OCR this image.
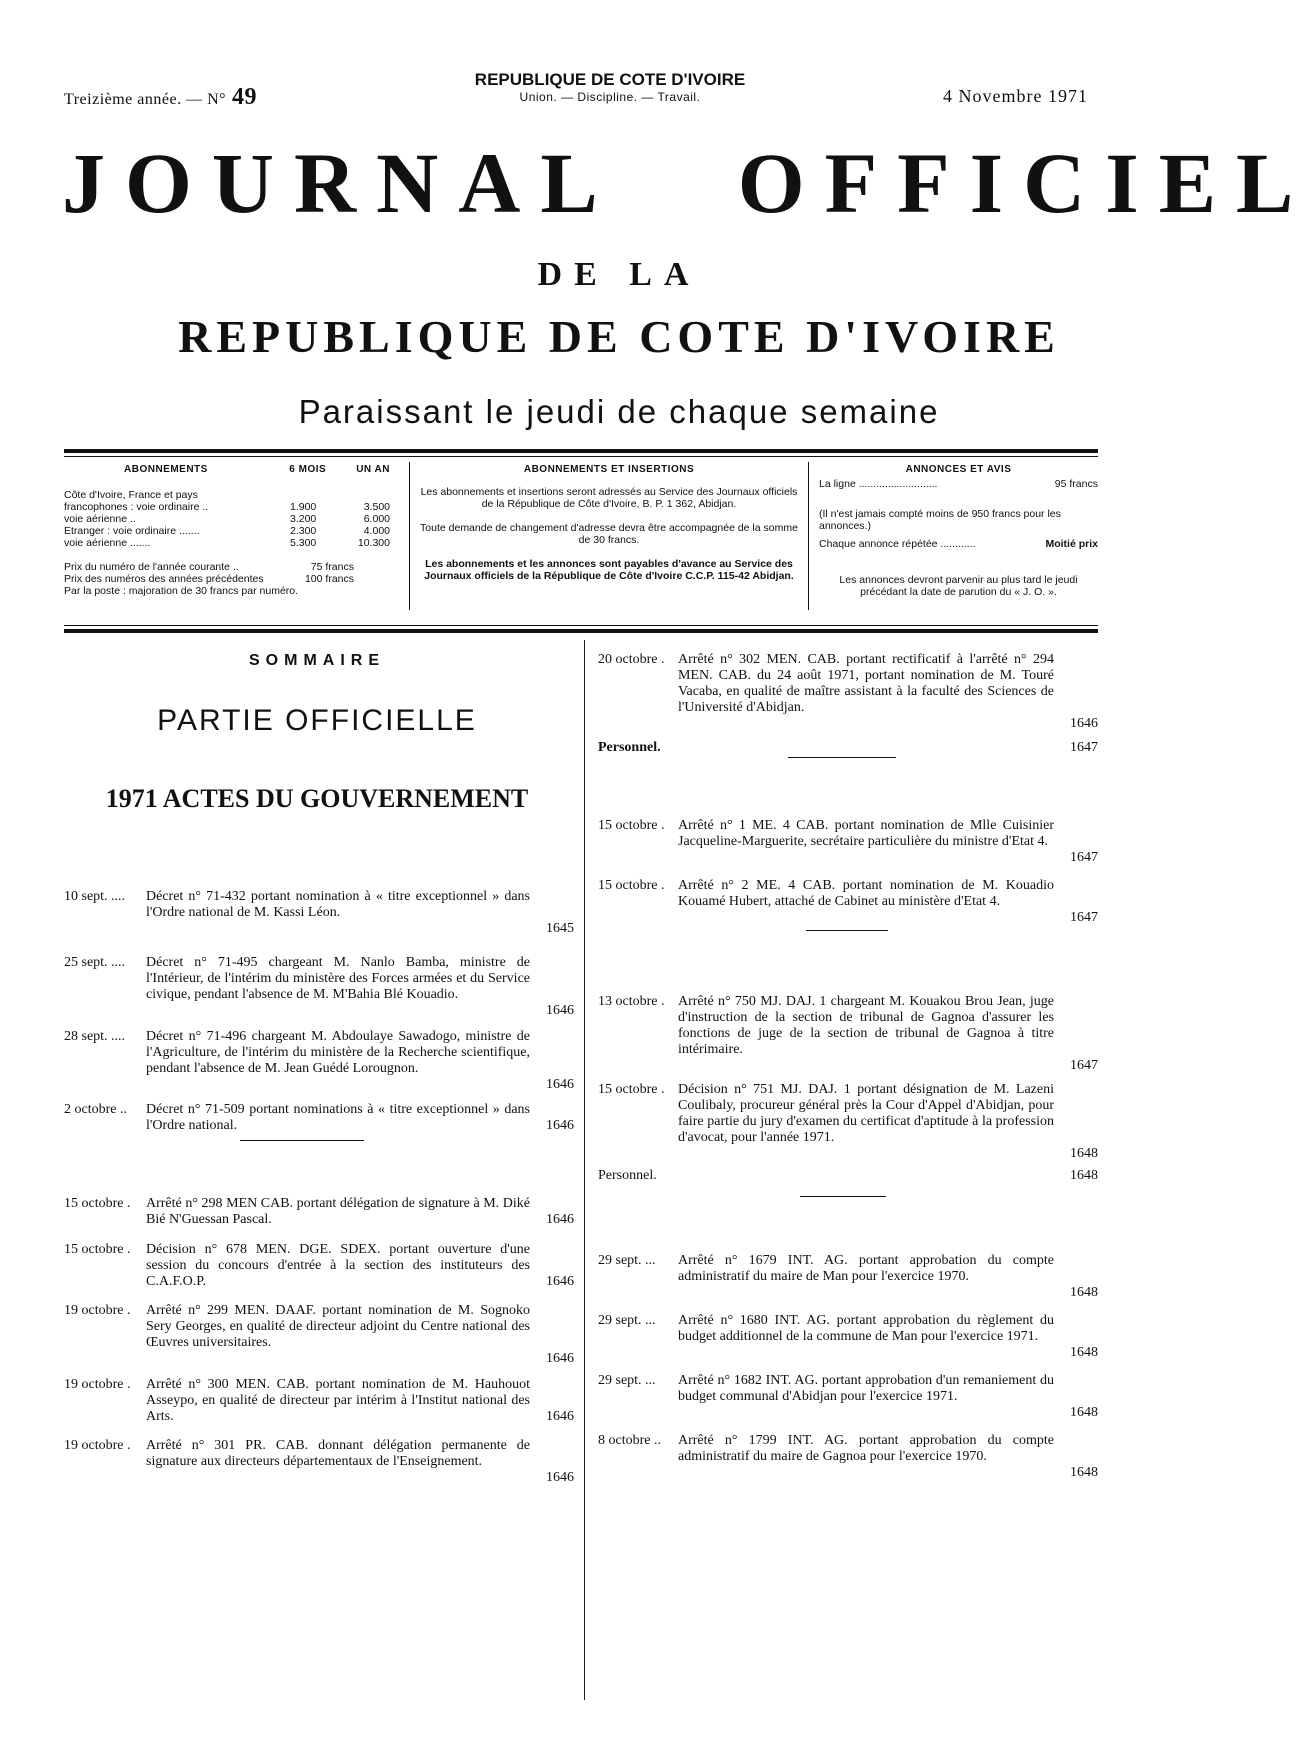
Treizième année. — N° 49
REPUBLIQUE DE COTE D'IVOIRE
Union. — Discipline. — Travail.	4 Novembre 1971
JOURNAL OFFICIEL
DE LA
REPUBLIQUE DE COTE D'IVOIRE
Paraissant le jeudi de chaque semaine
ABONNEMENTS	6 MOIS	UN AN
Côte d'Ivoire, France et pays
francophones : voie ordinaire ..	1.900	3.500
voie aérienne ..	3.200	6.000
Etranger : voie ordinaire .......	2.300	4.000
voie aérienne .......	5.300	10.300
Prix du numéro de l'année courante ..	75 francs
Prix des numéros des années précédentes	100 francs
Par la poste : majoration de 30 francs par numéro.
ABONNEMENTS ET INSERTIONS
Les abonnements et insertions seront adressés au Service des Journaux officiels de la République de Côte d'Ivoire, B. P. 1 362, Abidjan.
Toute demande de changement d'adresse devra être accompagnée de la somme de 30 francs.
Les abonnements et les annonces sont payables d'avance au Service des Journaux officiels de la République de Côte d'Ivoire C.C.P. 115-42 Abidjan.
ANNONCES ET AVIS
La ligne ...........................	95 francs
(Il n'est jamais compté moins de 950 francs pour les annonces.)
Chaque annonce répétée ............	Moitié prix
Les annonces devront parvenir au plus tard le jeudi précédant la date de parution du « J. O. ».
SOMMAIRE
PARTIE OFFICIELLE
1971 ACTES DU GOUVERNEMENT
10 sept. .... Décret n° 71-432 portant nomination à « titre exceptionnel » dans l'Ordre national de M. Kassi Léon.
1645
25 sept. .... Décret n° 71-495 chargeant M. Nanlo Bamba, ministre de l'Intérieur, de l'intérim du ministère des Forces armées et du Service civique, pendant l'absence de M. M'Bahia Blé Kouadio.
1646
28 sept. .... Décret n° 71-496 chargeant M. Abdoulaye Sawadogo, ministre de l'Agriculture, de l'intérim du ministère de la Recherche scientifique, pendant l'absence de M. Jean Guédé Lorougnon.
1646
2 octobre .. Décret n° 71-509 portant nominations à « titre exceptionnel » dans l'Ordre national.	1646
15 octobre . Arrêté n° 298 MEN CAB. portant délégation de signature à M. Diké Bié N'Guessan Pascal.	1646
15 octobre . Décision n° 678 MEN. DGE. SDEX. portant ouverture d'une session du concours d'entrée à la section des instituteurs des C.A.F.O.P.	1646
19 octobre . Arrêté n° 299 MEN. DAAF. portant nomination de M. Sognoko Sery Georges, en qualité de directeur adjoint du Centre national des Œuvres universitaires.
1646
19 octobre . Arrêté n° 300 MEN. CAB. portant nomination de M. Hauhouot Asseypo, en qualité de directeur par intérim à l'Institut national des Arts.	1646
19 octobre . Arrêté n° 301 PR. CAB. donnant délégation permanente de signature aux directeurs départementaux de l'Enseignement.
1646
20 octobre . Arrêté n° 302 MEN. CAB. portant rectificatif à l'arrêté n° 294 MEN. CAB. du 24 août 1971, portant nomination de M. Touré Vacaba, en qualité de maître assistant à la faculté des Sciences de l'Université d'Abidjan.
1646
Personnel.	1647
15 octobre . Arrêté n° 1 ME. 4 CAB. portant nomination de Mlle Cuisinier Jacqueline-Marguerite, secrétaire particulière du ministre d'Etat 4.
1647
15 octobre . Arrêté n° 2 ME. 4 CAB. portant nomination de M. Kouadio Kouamé Hubert, attaché de Cabinet au ministère d'Etat 4.
1647
13 octobre . Arrêté n° 750 MJ. DAJ. 1 chargeant M. Kouakou Brou Jean, juge d'instruction de la section de tribunal de Gagnoa d'assurer les fonctions de juge de la section de tribunal de Gagnoa à titre intérimaire.
1647
15 octobre . Décision n° 751 MJ. DAJ. 1 portant désignation de M. Lazeni Coulibaly, procureur général près la Cour d'Appel d'Abidjan, pour faire partie du jury d'examen du certificat d'aptitude à la profession d'avocat, pour l'année 1971.
1648
Personnel.	1648
29 sept. ... Arrêté n° 1679 INT. AG. portant approbation du compte administratif du maire de Man pour l'exercice 1970.
1648
29 sept. ... Arrêté n° 1680 INT. AG. portant approbation du règlement du budget additionnel de la commune de Man pour l'exercice 1971.
1648
29 sept. ... Arrêté n° 1682 INT. AG. portant approbation d'un remaniement du budget communal d'Abidjan pour l'exercice 1971.
1648
8 octobre .. Arrêté n° 1799 INT. AG. portant approbation du compte administratif du maire de Gagnoa pour l'exercice 1970.
1648
